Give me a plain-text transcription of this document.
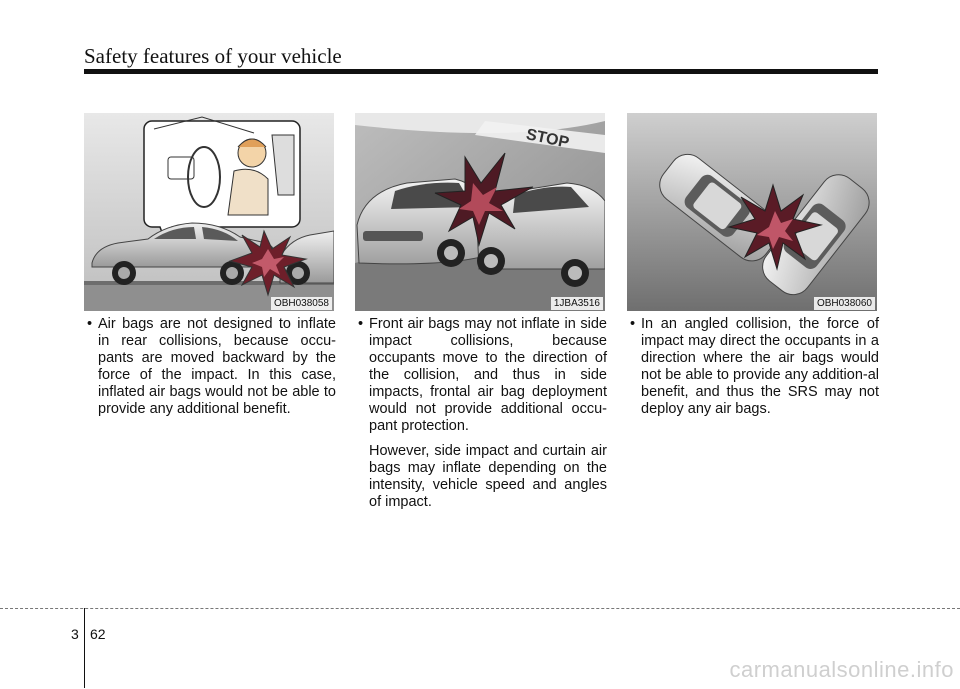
Safety features of your vehicle
OBH038058
STOP
1JBA3516	OBH038060

• Air bags are not designed to inflate in rear collisions, because occu-pants are moved backward by the force of the impact. In this case, inflated air bags would not be able to provide any additional benefit.

• Front air bags may not inflate in side impact collisions, because occupants move to the direction of the collision, and thus in side impacts, frontal air bag deployment would not provide additional occu-pant protection.

However, side impact and curtain air bags may inflate depending on the intensity, vehicle speed and angles of impact.

• In an angled collision, the force of impact may direct the occupants in a direction where the air bags would not be able to provide any addition-al benefit, and thus the SRS may not deploy any air bags.

3 62
carmanualsonline.info
